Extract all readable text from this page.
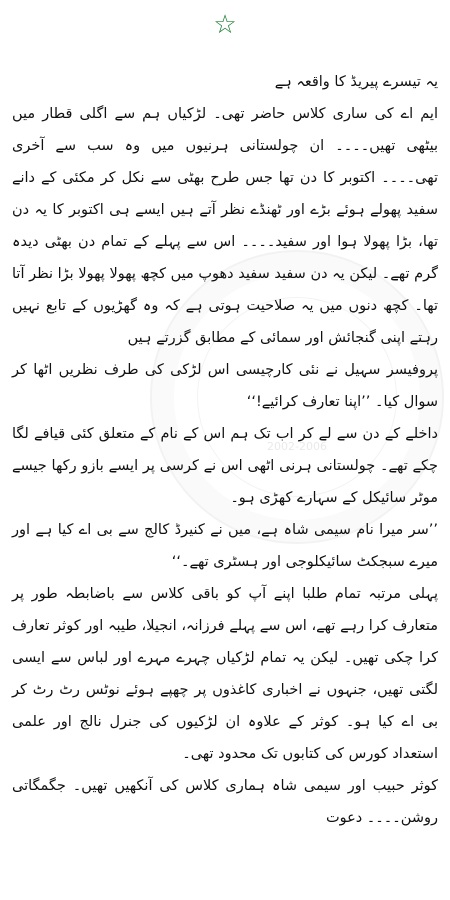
☆
2002-2006

یہ تیسرے پیریڈ کا واقعہ ہے

ایم اے کی ساری کلاس حاضر تھی۔ لڑکیاں ہم سے اگلی قطار میں بیٹھی تھیں۔۔۔۔ ان چولستانی ہرنیوں میں وہ سب سے آخری تھی۔۔۔۔ اکتوبر کا دن تھا جس طرح بھٹی سے نکل کر مکئی کے دانے سفید پھولے ہوئے بڑے اور ٹھنڈے نظر آتے ہیں ایسے ہی اکتوبر کا یہ دن تھا، بڑا پھولا ہوا اور سفید۔۔۔۔ اس سے پہلے کے تمام دن بھٹی دیدہ گرم تھے۔ لیکن یہ دن سفید سفید دھوپ میں کچھ پھولا پھولا بڑا نظر آتا تھا۔ کچھ دنوں میں یہ صلاحیت ہوتی ہے کہ وہ گھڑیوں کے تابع نہیں رہتے اپنی گنجائش اور سمائی کے مطابق گزرتے ہیں

پروفیسر سہیل نے نئی کارچیسی اس لڑکی کی طرف نظریں اٹھا کر سوال کیا۔ ’’اپنا تعارف کرائیے!‘‘

داخلے کے دن سے لے کر اب تک ہم اس کے نام کے متعلق کئی قیافے لگا چکے تھے۔ چولستانی ہرنی اٹھی اس نے کرسی پر ایسے بازو رکھا جیسے موٹر سائیکل کے سہارے کھڑی ہو۔

’’سر میرا نام سیمی شاہ ہے، میں نے کنیرڈ کالج سے بی اے کیا ہے اور میرے سبجکٹ سائیکلوجی اور ہسٹری تھے۔‘‘

پہلی مرتبہ تمام طلبا اپنے آپ کو باقی کلاس سے باضابطہ طور پر متعارف کرا رہے تھے، اس سے پہلے فرزانہ، انجیلا، طیبہ اور کوثر تعارف کرا چکی تھیں۔ لیکن یہ تمام لڑکیاں چہرے مہرے اور لباس سے ایسی لگتی تھیں، جنہوں نے اخباری کاغذوں پر چھپے ہوئے نوٹس رٹ رٹ کر بی اے کیا ہو۔ کوثر کے علاوہ ان لڑکیوں کی جنرل نالج اور علمی استعداد کورس کی کتابوں تک محدود تھی۔

کوثر حبیب اور سیمی شاہ ہماری کلاس کی آنکھیں تھیں۔ جگمگاتی روشن۔۔۔۔ دعوت
